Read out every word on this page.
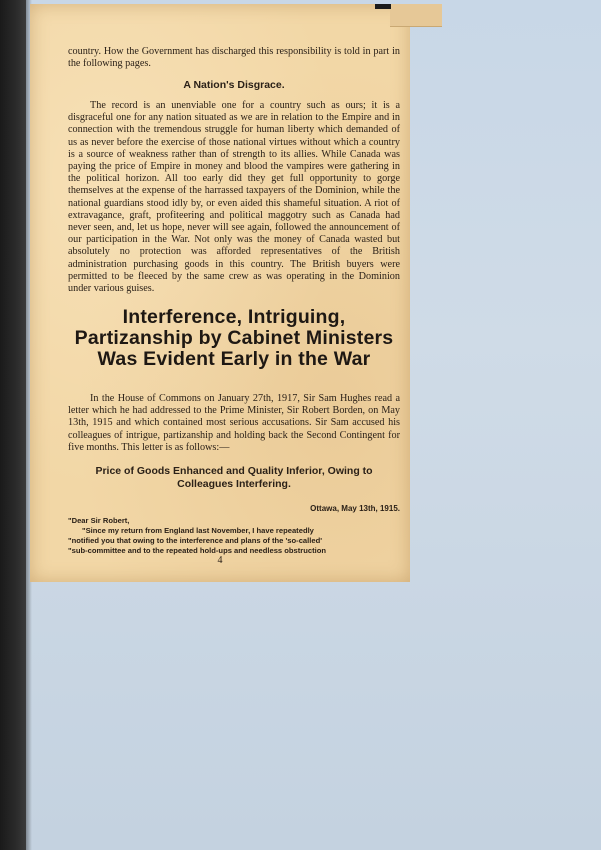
country. How the Government has discharged this responsibility is told in part in the following pages.

A Nation's Disgrace.

The record is an unenviable one for a country such as ours; it is a disgraceful one for any nation situated as we are in relation to the Empire and in connection with the tremendous struggle for human liberty which demanded of us as never before the exercise of those national virtues without which a country is a source of weakness rather than of strength to its allies. While Canada was paying the price of Empire in money and blood the vampires were gathering in the political horizon. All too early did they get full opportunity to gorge themselves at the expense of the harrassed taxpayers of the Dominion, while the national guardians stood idly by, or even aided this shameful situation. A riot of extravagance, graft, profiteering and political maggotry such as Canada had never seen, and, let us hope, never will see again, followed the announcement of our participation in the War. Not only was the money of Canada wasted but absolutely no protection was afforded representatives of the British administration purchasing goods in this country. The British buyers were permitted to be fleeced by the same crew as was operating in the Dominion under various guises.

Interference, Intriguing, Partizanship by Cabinet Ministers Was Evident Early in the War

In the House of Commons on January 27th, 1917, Sir Sam Hughes read a letter which he had addressed to the Prime Minister, Sir Robert Borden, on May 13th, 1915 and which contained most serious accusations. Sir Sam accused his colleagues of intrigue, partizanship and holding back the Second Contingent for five months. This letter is as follows:—

Price of Goods Enhanced and Quality Inferior, Owing to Colleagues Interfering.

Ottawa, May 13th, 1915.

"Dear Sir Robert,

"Since my return from England last November, I have repeatedly

"notified you that owing to the interference and plans of the 'so-called'

"sub-committee and to the repeated hold-ups and needless obstruction

4
